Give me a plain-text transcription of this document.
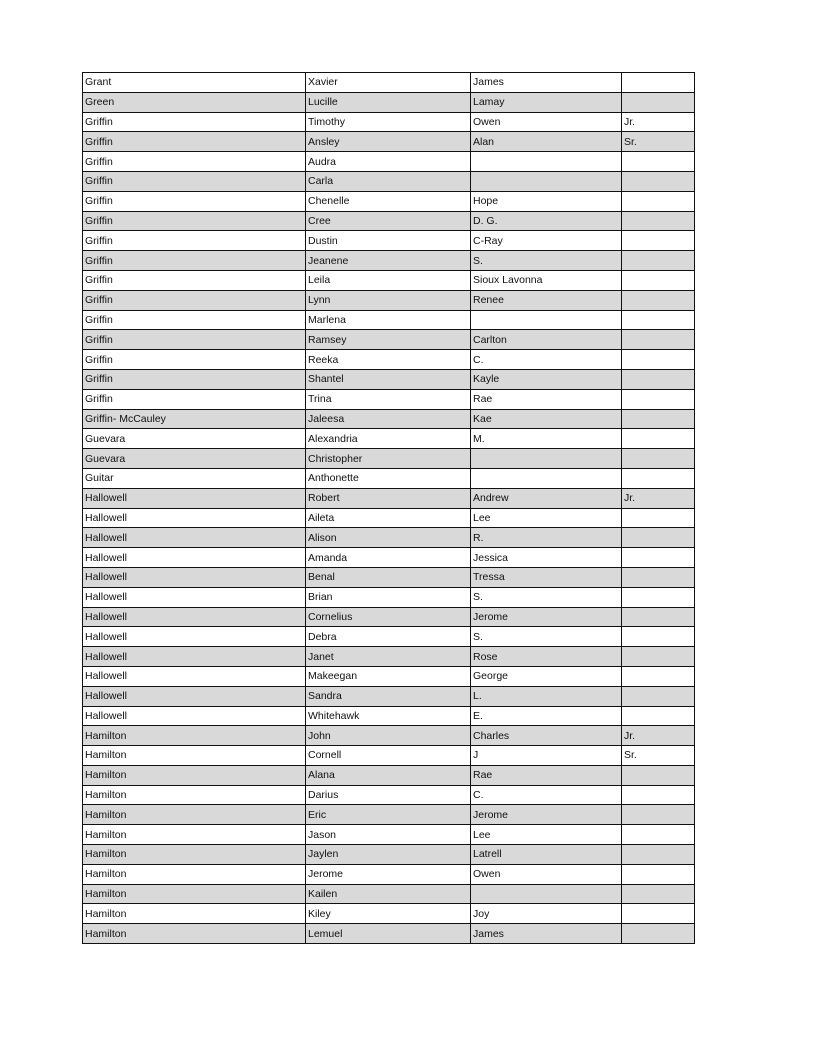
Grant	Xavier	James	
Green	Lucille	Lamay	
Griffin	Timothy	Owen	Jr.
Griffin	Ansley	Alan	Sr.
Griffin	Audra		
Griffin	Carla		
Griffin	Chenelle	Hope	
Griffin	Cree	D. G.	
Griffin	Dustin	C-Ray	
Griffin	Jeanene	S.	
Griffin	Leila	Sioux Lavonna	
Griffin	Lynn	Renee	
Griffin	Marlena		
Griffin	Ramsey	Carlton	
Griffin	Reeka	C.	
Griffin	Shantel	Kayle	
Griffin	Trina	Rae	
Griffin- McCauley	Jaleesa	Kae	
Guevara	Alexandria	M.	
Guevara	Christopher		
Guitar	Anthonette		
Hallowell	Robert	Andrew	Jr.
Hallowell	Aileta	Lee	
Hallowell	Alison	R.	
Hallowell	Amanda	Jessica	
Hallowell	Benal	Tressa	
Hallowell	Brian	S.	
Hallowell	Cornelius	Jerome	
Hallowell	Debra	S.	
Hallowell	Janet	Rose	
Hallowell	Makeegan	George	
Hallowell	Sandra	L.	
Hallowell	Whitehawk	E.	
Hamilton	John	Charles	Jr.
Hamilton	Cornell	J	Sr.
Hamilton	Alana	Rae	
Hamilton	Darius	C.	
Hamilton	Eric	Jerome	
Hamilton	Jason	Lee	
Hamilton	Jaylen	Latrell	
Hamilton	Jerome	Owen	
Hamilton	Kailen		
Hamilton	Kiley	Joy	
Hamilton	Lemuel	James	
